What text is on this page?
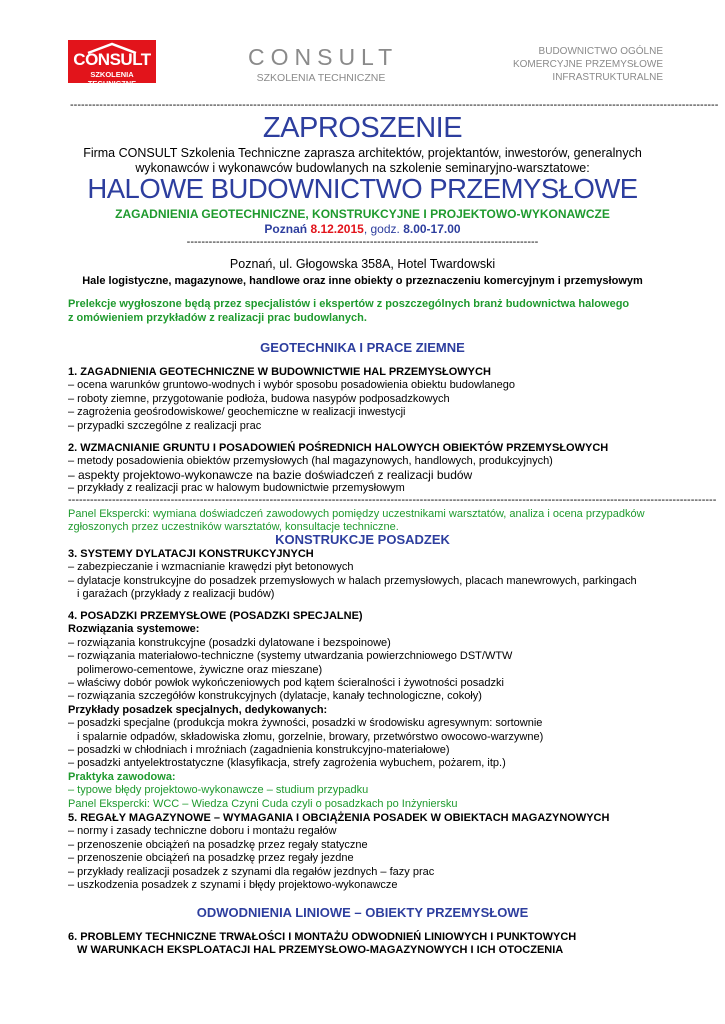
CONSULT
SZKOLENIA TECHNICZNE
CONSULT
SZKOLENIA TECHNICZNE
BUDOWNICTWO OGÓLNE
KOMERCYJNE PRZEMYSŁOWE
INFRASTRUKTURALNE
---------------------------------------------------------------------------------------------------------------------------------------------------------------------------------
ZAPROSZENIE
Firma CONSULT Szkolenia Techniczne zaprasza architektów, projektantów, inwestorów, generalnych
wykonawców i wykonawców budowlanych na szkolenie seminaryjno-warsztatowe:
HALOWE BUDOWNICTWO PRZEMYSŁOWE
ZAGADNIENIA GEOTECHNICZNE, KONSTRUKCYJNE I PROJEKTOWO-WYKONAWCZE
Poznań 8.12.2015, godz. 8.00-17.00
------------------------------------------------------------------------------------------------
Poznań, ul. Głogowska 358A, Hotel Twardowski
Hale logistyczne, magazynowe, handlowe oraz inne obiekty o przeznaczeniu komercyjnym i przemysłowym
Prelekcje wygłoszone będą przez specjalistów i ekspertów z poszczególnych branż budownictwa halowego
z omówieniem przykładów z realizacji prac budowlanych.
GEOTECHNIKA I PRACE ZIEMNE
1. ZAGADNIENIA GEOTECHNICZNE W BUDOWNICTWIE HAL PRZEMYSŁOWYCH
– ocena warunków gruntowo-wodnych i wybór sposobu posadowienia obiektu budowlanego
– roboty ziemne, przygotowanie podłoża, budowa nasypów podposadzkowych
– zagrożenia geośrodowiskowe/ geochemiczne w realizacji inwestycji
– przypadki szczególne z realizacji prac
2. WZMACNIANIE GRUNTU I POSADOWIEŃ POŚREDNICH HALOWYCH OBIEKTÓW PRZEMYSŁOWYCH
– metody posadowienia obiektów przemysłowych (hal magazynowych, handlowych, produkcyjnych)
– aspekty projektowo-wykonawcze na bazie doświadczeń z realizacji budów
– przykłady z realizacji prac w halowym budownictwie przemysłowym
---------------------------------------------------------------------------------------------------------------------------------------------------------------------------------
Panel Ekspercki: wymiana doświadczeń zawodowych pomiędzy uczestnikami warsztatów, analiza i ocena przypadków
zgłoszonych przez uczestników warsztatów, konsultacje techniczne.
KONSTRUKCJE POSADZEK
3. SYSTEMY DYLATACJI KONSTRUKCYJNYCH
– zabezpieczanie i wzmacnianie krawędzi płyt betonowych
– dylatacje konstrukcyjne do posadzek przemysłowych w halach przemysłowych, placach manewrowych, parkingach
i garażach (przykłady z realizacji budów)
4. POSADZKI PRZEMYSŁOWE (POSADZKI SPECJALNE)
Rozwiązania systemowe:
– rozwiązania konstrukcyjne (posadzki dylatowane i bezspoinowe)
– rozwiązania materiałowo-techniczne (systemy utwardzania powierzchniowego DST/WTW
polimerowo-cementowe, żywiczne oraz mieszane)
– właściwy dobór powłok wykończeniowych pod kątem ścieralności i żywotności posadzki
– rozwiązania szczegółów konstrukcyjnych (dylatacje, kanały technologiczne, cokoły)
Przykłady posadzek specjalnych, dedykowanych:
– posadzki specjalne (produkcja mokra żywności, posadzki w środowisku agresywnym: sortownie
i spalarnie odpadów, składowiska złomu, gorzelnie, browary, przetwórstwo owocowo-warzywne)
– posadzki w chłodniach i mroźniach (zagadnienia konstrukcyjno-materiałowe)
– posadzki antyelektrostatyczne (klasyfikacja, strefy zagrożenia wybuchem, pożarem, itp.)
Praktyka zawodowa:
– typowe błędy projektowo-wykonawcze – studium przypadku
Panel Ekspercki: WCC – Wiedza Czyni Cuda czyli o posadzkach po Inżyniersku
5. REGAŁY MAGAZYNOWE – WYMAGANIA I OBCIĄŻENIA POSADEK W OBIEKTACH MAGAZYNOWYCH
– normy i zasady techniczne doboru i montażu regałów
– przenoszenie obciążeń na posadzkę przez regały statyczne
– przenoszenie obciążeń na posadzkę przez regały jezdne
– przykłady realizacji posadzek z szynami dla regałów jezdnych – fazy prac
– uszkodzenia posadzek z szynami i błędy projektowo-wykonawcze
ODWODNIENIA LINIOWE – OBIEKTY PRZEMYSŁOWE
6. PROBLEMY TECHNICZNE TRWAŁOŚCI I MONTAŻU ODWODNIEŃ LINIOWYCH I PUNKTOWYCH
W WARUNKACH EKSPLOATACJI HAL PRZEMYSŁOWO-MAGAZYNOWYCH I ICH OTOCZENIA
